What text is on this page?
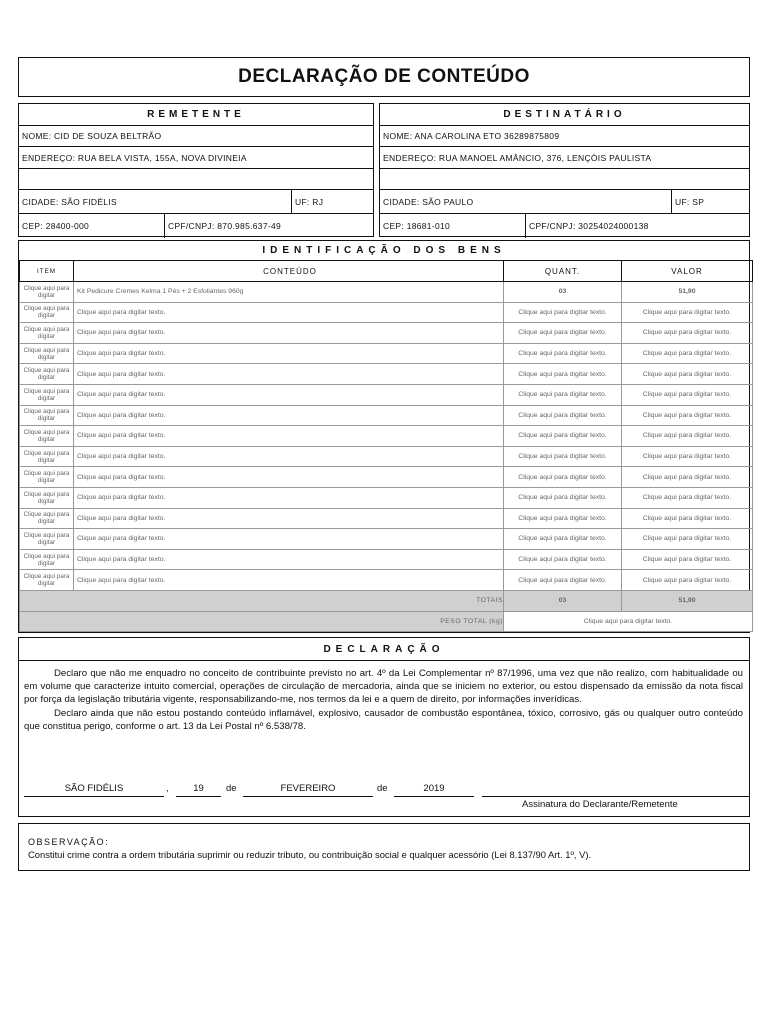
DECLARAÇÃO DE CONTEÚDO
REMETENTE
NOME: CID DE SOUZA BELTRÃO
ENDEREÇO: RUA BELA VISTA, 155A, NOVA DIVINEIA
CIDADE: SÃO FIDÉLIS	UF: RJ
CEP: 28400-000	CPF/CNPJ: 870.985.637-49
DESTINATÁRIO
NOME: ANA CAROLINA ETO 36289875809
ENDEREÇO: RUA MANOEL AMÂNCIO, 376, LENÇÓIS PAULISTA
CIDADE: SÃO PAULO	UF: SP
CEP: 18681-010	CPF/CNPJ: 30254024000138
IDENTIFICAÇÃO DOS BENS
ITEM	CONTEÚDO	QUANT.	VALOR
Clique aqui para digitar	Kit Pedicure Cremes Kelma 1 Pés + 2 Esfoliantes 960g	03	51,90
Clique aqui para digitar	Clique aqui para digitar texto.	Clique aqui para digitar texto.	Clique aqui para digitar texto.
Clique aqui para digitar	Clique aqui para digitar texto.	Clique aqui para digitar texto.	Clique aqui para digitar texto.
Clique aqui para digitar	Clique aqui para digitar texto.	Clique aqui para digitar texto.	Clique aqui para digitar texto.
Clique aqui para digitar	Clique aqui para digitar texto.	Clique aqui para digitar texto.	Clique aqui para digitar texto.
Clique aqui para digitar	Clique aqui para digitar texto.	Clique aqui para digitar texto.	Clique aqui para digitar texto.
Clique aqui para digitar	Clique aqui para digitar texto.	Clique aqui para digitar texto.	Clique aqui para digitar texto.
Clique aqui para digitar	Clique aqui para digitar texto.	Clique aqui para digitar texto.	Clique aqui para digitar texto.
Clique aqui para digitar	Clique aqui para digitar texto.	Clique aqui para digitar texto.	Clique aqui para digitar texto.
Clique aqui para digitar	Clique aqui para digitar texto.	Clique aqui para digitar texto.	Clique aqui para digitar texto.
Clique aqui para digitar	Clique aqui para digitar texto.	Clique aqui para digitar texto.	Clique aqui para digitar texto.
Clique aqui para digitar	Clique aqui para digitar texto.	Clique aqui para digitar texto.	Clique aqui para digitar texto.
Clique aqui para digitar	Clique aqui para digitar texto.	Clique aqui para digitar texto.	Clique aqui para digitar texto.
Clique aqui para digitar	Clique aqui para digitar texto.	Clique aqui para digitar texto.	Clique aqui para digitar texto.
Clique aqui para digitar	Clique aqui para digitar texto.	Clique aqui para digitar texto.	Clique aqui para digitar texto.
TOTAIS		03	51,90
PESO TOTAL (kg)		Clique aqui para digitar texto.	
DECLARAÇÃO

Declaro que não me enquadro no conceito de contribuinte previsto no art. 4º da Lei Complementar nº 87/1996, uma vez que não realizo, com habitualidade ou em volume que caracterize intuito comercial, operações de circulação de mercadoria, ainda que se iniciem no exterior, ou estou dispensado da emissão da nota fiscal por força da legislação tributária vigente, responsabilizando-me, nos termos da lei e a quem de direito, por informações inverídicas.

Declaro ainda que não estou postando conteúdo inflamável, explosivo, causador de combustão espontânea, tóxico, corrosivo, gás ou qualquer outro conteúdo que constitua perigo, conforme o art. 13 da Lei Postal nº 6.538/78.

SÃO FIDÉLIS	,	19	de	FEVEREIRO	de	2019
Assinatura do Declarante/Remetente
OBSERVAÇÃO:
Constitui crime contra a ordem tributária suprimir ou reduzir tributo, ou contribuição social e qualquer acessório (Lei 8.137/90 Art. 1º, V).
